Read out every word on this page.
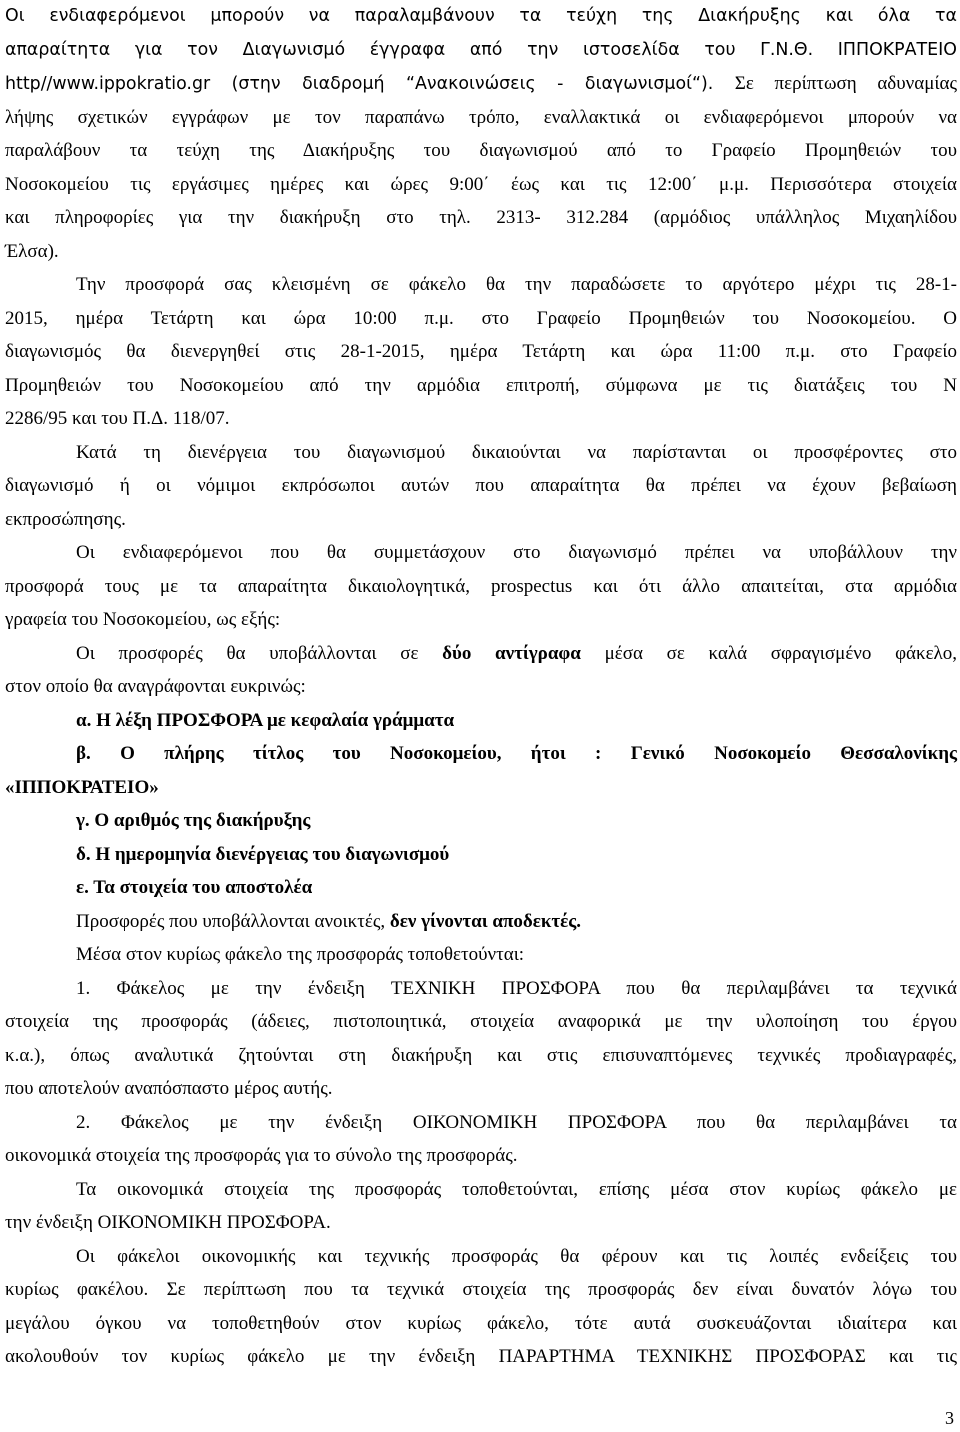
Οι ενδιαφερόμενοι μπορούν να παραλαμβάνουν τα τεύχη της Διακήρυξης και όλα τα
απαραίτητα για τον Διαγωνισμό έγγραφα από την ιστοσελίδα του Γ.Ν.Θ. ΙΠΠΟΚΡΑΤΕΙΟ
http//www.ippokratio.gr (στην διαδρομή “Ανακοινώσεις - διαγωνισμοί“). Σε περίπτωση αδυναμίας
λήψης σχετικών εγγράφων με τον παραπάνω τρόπο, εναλλακτικά οι ενδιαφερόμενοι μπορούν να
παραλάβουν τα τεύχη της Διακήρυξης του διαγωνισμού από το Γραφείο Προμηθειών του
Νοσοκομείου τις εργάσιμες ημέρες και ώρες 9:00΄ έως και τις 12:00΄ μ.μ. Περισσότερα στοιχεία
και πληροφορίες για την διακήρυξη στο τηλ. 2313- 312.284 (αρμόδιος υπάλληλος Μιχαηλίδου
Έλσα).
Την προσφορά σας κλεισμένη σε φάκελο θα την παραδώσετε το αργότερο μέχρι τις 28-1-
2015, ημέρα Τετάρτη και ώρα 10:00 π.μ. στο Γραφείο Προμηθειών του Νοσοκομείου. Ο
διαγωνισμός θα διενεργηθεί στις 28-1-2015, ημέρα Τετάρτη και ώρα 11:00 π.μ. στο Γραφείο
Προμηθειών του Νοσοκομείου από την αρμόδια επιτροπή, σύμφωνα με τις διατάξεις του Ν
2286/95 και του Π.Δ. 118/07.
Κατά τη διενέργεια του διαγωνισμού δικαιούνται να παρίστανται οι προσφέροντες στο
διαγωνισμό ή οι νόμιμοι εκπρόσωποι αυτών που απαραίτητα θα πρέπει να έχουν βεβαίωση
εκπροσώπησης.
Οι ενδιαφερόμενοι που θα συμμετάσχουν στο διαγωνισμό πρέπει να υποβάλλουν την
προσφορά τους με τα απαραίτητα δικαιολογητικά, prospectus και ότι άλλο απαιτείται, στα αρμόδια
γραφεία του Νοσοκομείου, ως εξής:
Οι προσφορές θα υποβάλλονται σε δύο αντίγραφα μέσα σε καλά σφραγισμένο φάκελο,
στον οποίο θα αναγράφονται ευκρινώς:
α. Η λέξη ΠΡΟΣΦΟΡΑ με κεφαλαία γράμματα
β. Ο πλήρης τίτλος του Νοσοκομείου, ήτοι : Γενικό Νοσοκομείο Θεσσαλονίκης
«ΙΠΠΟΚΡΑΤΕΙΟ»
γ. Ο αριθμός της διακήρυξης
δ. Η ημερομηνία διενέργειας του διαγωνισμού
ε. Τα στοιχεία του αποστολέα
Προσφορές που υποβάλλονται ανοικτές, δεν γίνονται αποδεκτές.
Μέσα στον κυρίως φάκελο της προσφοράς τοποθετούνται:
1. Φάκελος με την ένδειξη ΤΕΧΝΙΚΗ ΠΡΟΣΦΟΡΑ που θα περιλαμβάνει τα τεχνικά
στοιχεία της προσφοράς (άδειες, πιστοποιητικά, στοιχεία αναφορικά με την υλοποίηση του έργου
κ.α.), όπως αναλυτικά ζητούνται στη διακήρυξη και στις επισυναπτόμενες τεχνικές προδιαγραφές,
που αποτελούν αναπόσπαστο μέρος αυτής.
2. Φάκελος με την ένδειξη ΟΙΚΟΝΟΜΙΚΗ ΠΡΟΣΦΟΡΑ που θα περιλαμβάνει τα
οικονομικά στοιχεία της προσφοράς για το σύνολο της προσφοράς.
Τα οικονομικά στοιχεία της προσφοράς τοποθετούνται, επίσης μέσα στον κυρίως φάκελο με
την ένδειξη ΟΙΚΟΝΟΜΙΚΗ ΠΡΟΣΦΟΡΑ.
Οι φάκελοι οικονομικής και τεχνικής προσφοράς θα φέρουν και τις λοιπές ενδείξεις του
κυρίως φακέλου. Σε περίπτωση που τα τεχνικά στοιχεία της προσφοράς δεν είναι δυνατόν λόγω του
μεγάλου όγκου να τοποθετηθούν στον κυρίως φάκελο, τότε αυτά συσκευάζονται ιδιαίτερα και
ακολουθούν τον κυρίως φάκελο με την ένδειξη ΠΑΡΑΡΤΗΜΑ ΤΕΧΝΙΚΗΣ ΠΡΟΣΦΟΡΑΣ και τις
3
